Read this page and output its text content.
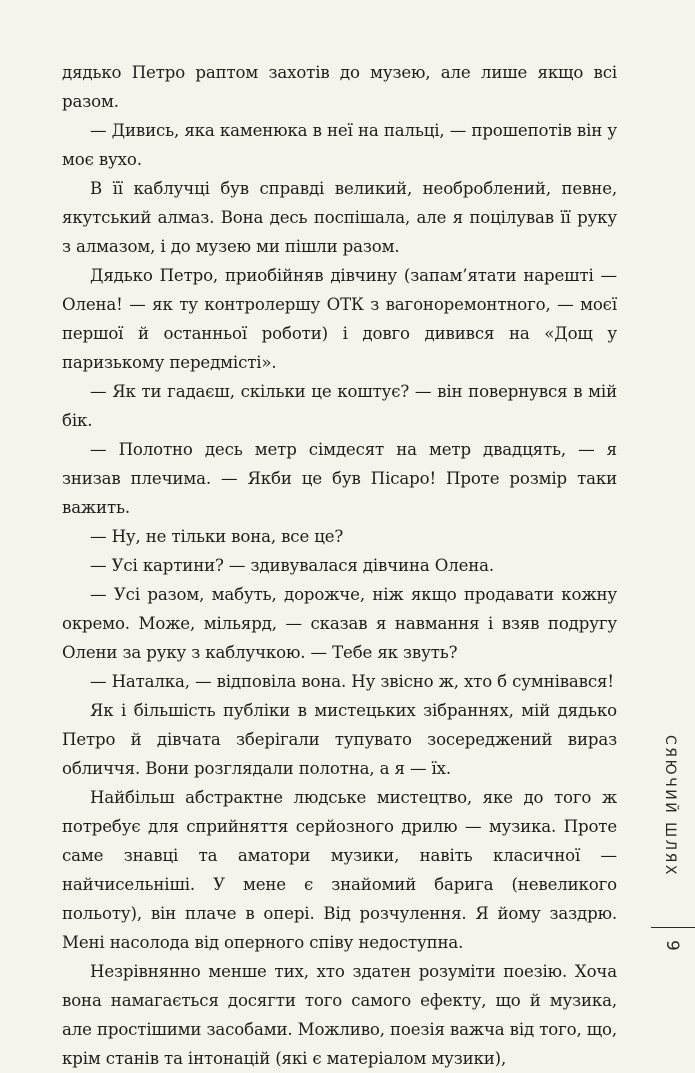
дядько Петро раптом захотів до музею, але лише якщо всі разом.

— Дивись, яка каменюка в неї на пальці, — прошепотів він у моє вухо.

В її каблучці був справді великий, необроблений, певне, якутський алмаз. Вона десь поспішала, але я поцілував її руку з алмазом, і до музею ми пішли разом.

Дядько Петро, приобійняв дівчину (запам’ятати нарешті — Олена! — як ту контролершу ОТК з вагоноремонтного, — моєї першої й останньої роботи) і довго дивився на «Дощ у паризькому передмісті».

— Як ти гадаєш, скільки це коштує? — він повернувся в мій бік.

— Полотно десь метр сімдесят на метр двадцять, — я знизав плечима. — Якби це був Пісаро! Проте розмір таки важить.

— Ну, не тільки вона, все це?

— Усі картини? — здивувалася дівчина Олена.

— Усі разом, мабуть, дорожче, ніж якщо продавати кожну окремо. Може, мільярд, — сказав я навмання і взяв подругу Олени за руку з каблучкою. — Тебе як звуть?

— Наталка, — відповіла вона. Ну звісно ж, хто б сумнівався!

Як і більшість публіки в мистецьких зібраннях, мій дядько Петро й дівчата зберігали тупувато зосереджений вираз обличчя. Вони розглядали полотна, а я — їх.

Найбільш абстрактне людське мистецтво, яке до того ж потребує для сприйняття серйозного дрилю — музика. Проте саме знавці та аматори музики, навіть класичної — найчисельніші. У мене є знайомий барига (невеликого польоту), він плаче в опері. Від розчулення. Я йому заздрю. Мені насолода від оперного співу недоступна.

Незрівнянно менше тих, хто здатен розуміти поезію. Хоча вона намагається досягти того самого ефекту, що й музика, але простішими засобами. Можливо, поезія важча від того, що, крім станів та інтонацій (які є матеріалом музики),

СЯЮЧИЙ ШЛЯХ
9
